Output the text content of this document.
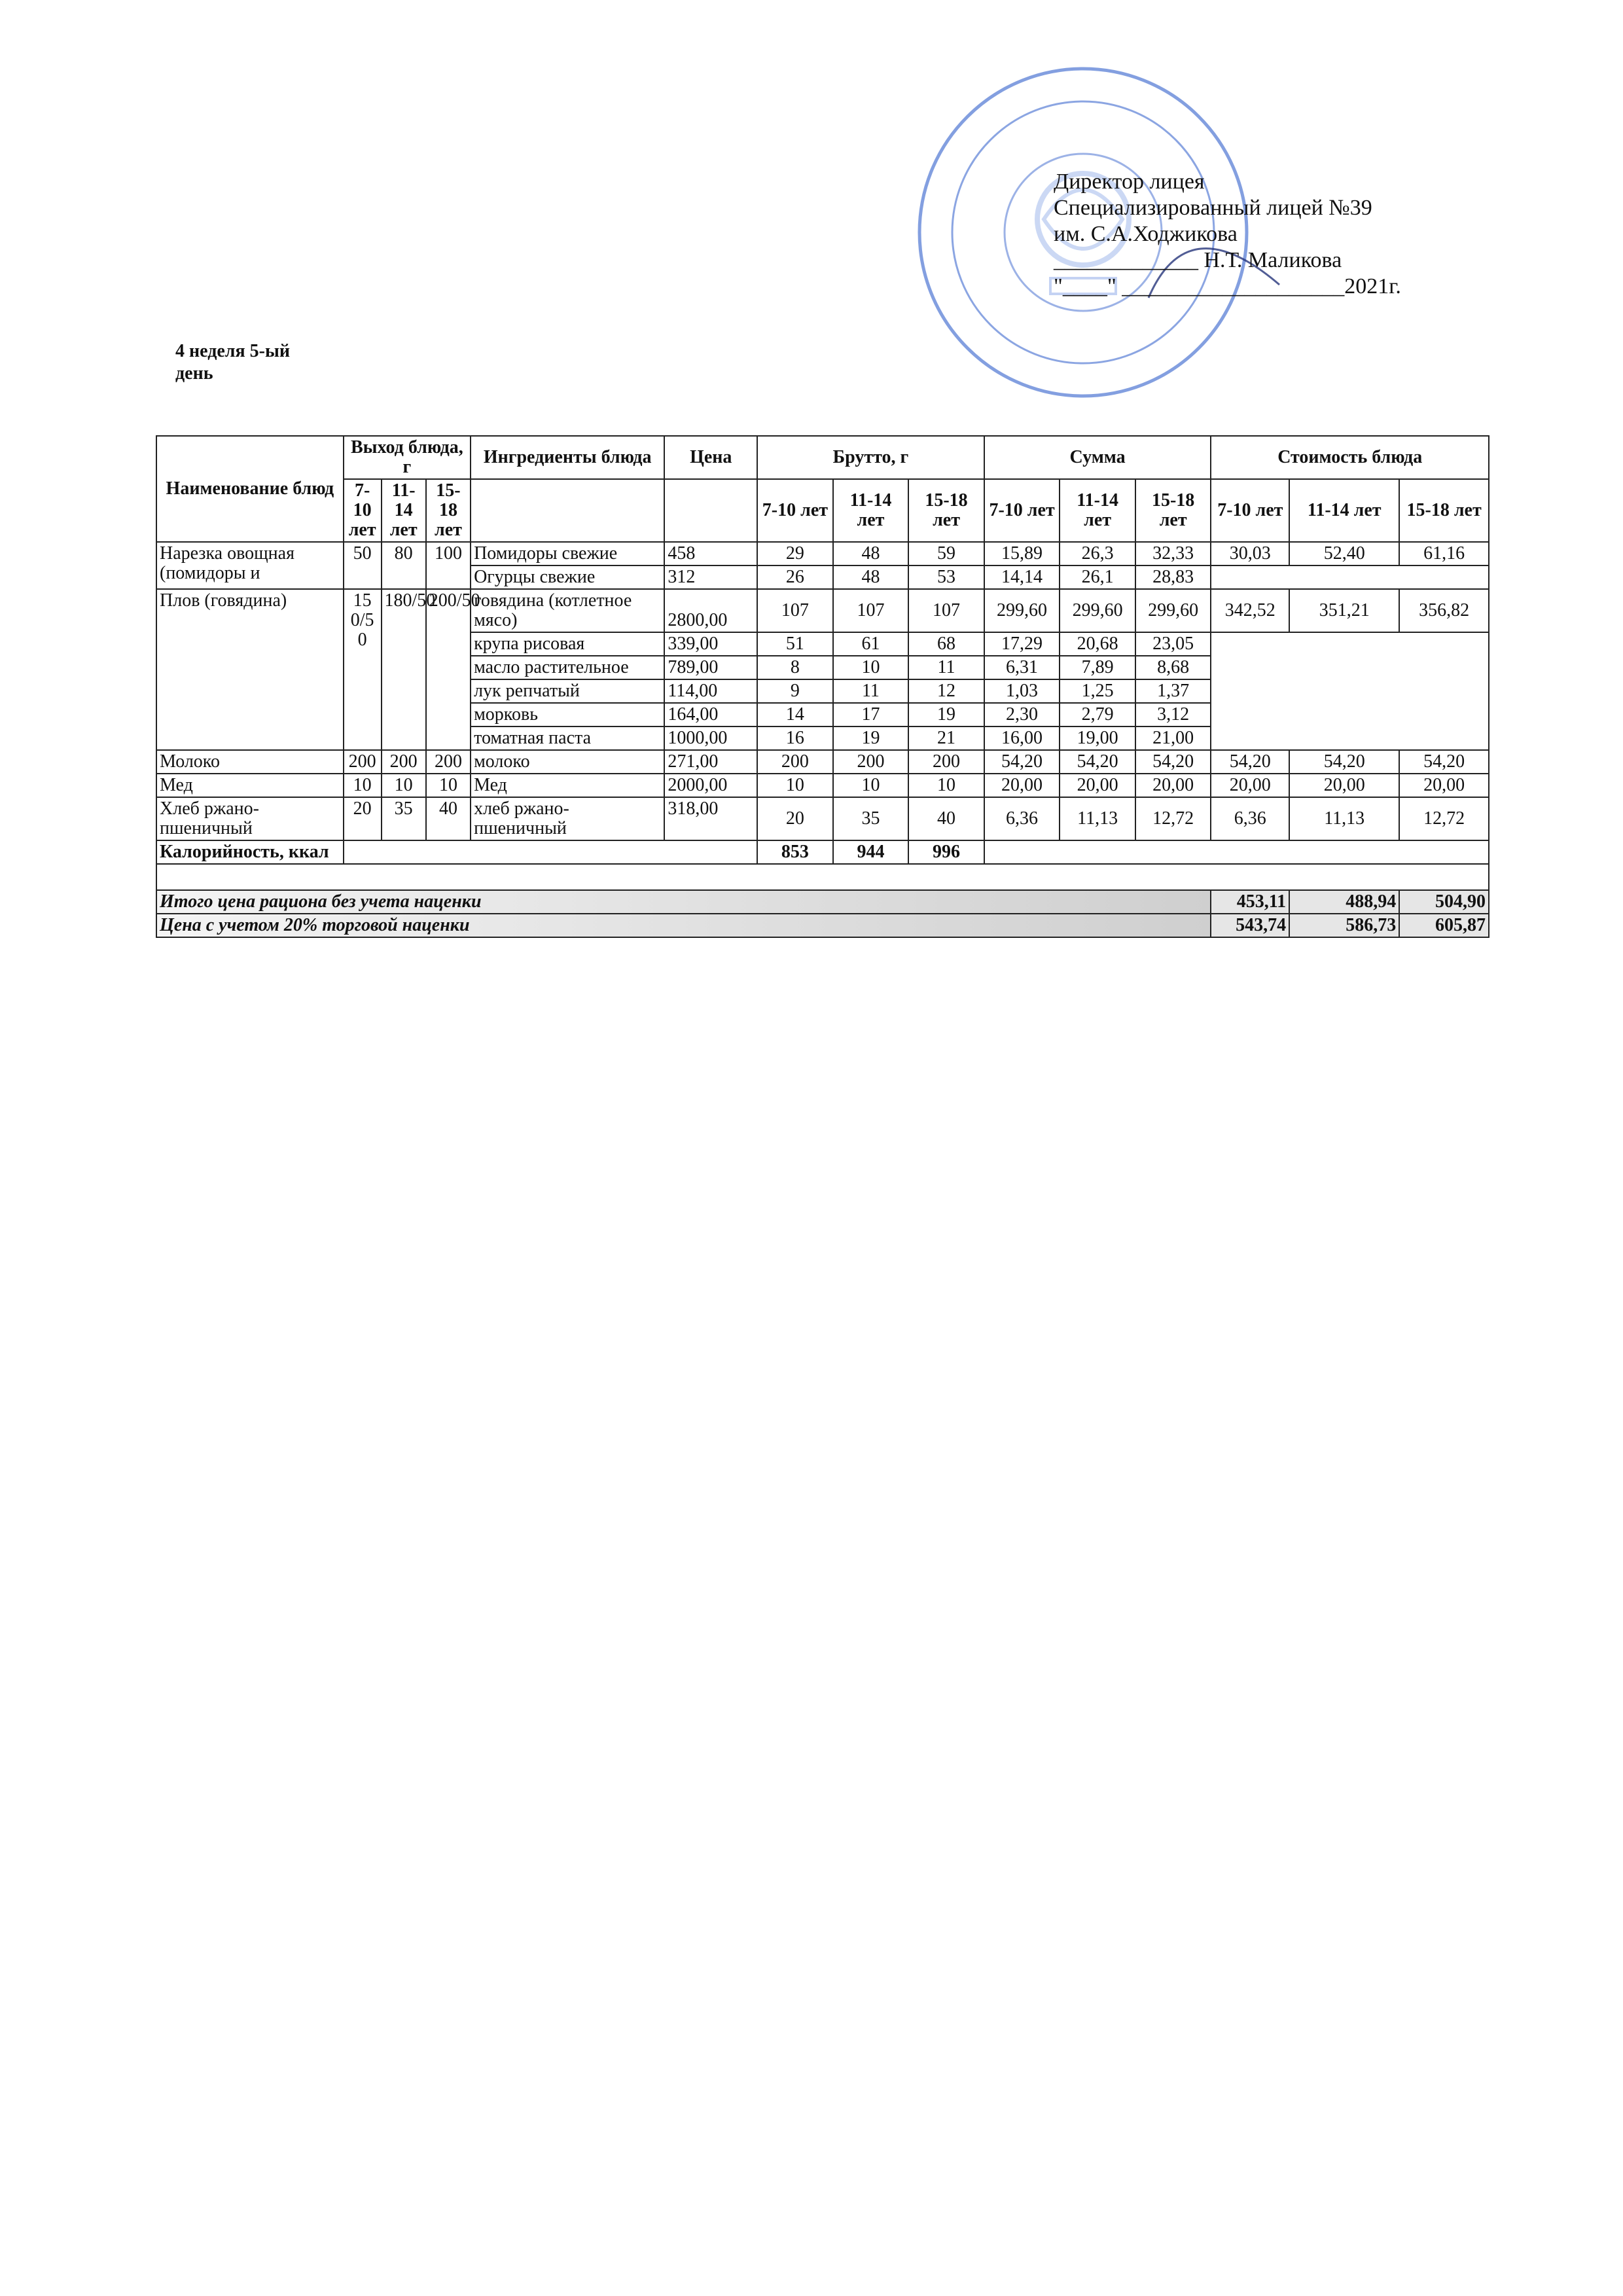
Директор лицея
Специализированный лицей №39
им. С.А.Ходжикова
_____________ Н.Т. Маликова
"____" ____________________2021г.
4 неделя 5-ый день
Наименование блюд	Выход блюда, г			Ингредиенты блюда	Цена	Брутто, г			Сумма			Стоимость блюда		
	7-10 лет	11-14 лет	15-18 лет			7-10 лет	11-14 лет	15-18 лет	7-10 лет	11-14 лет	15-18 лет	7-10 лет	11-14 лет	15-18 лет
Нарезка овощная (помидоры и	50	80	100	Помидоры свежие	458	29	48	59	15,89	26,3	32,33	30,03	52,40	61,16
				Огурцы свежие	312	26	48	53	14,14	26,1	28,83			
Плов (говядина)	150/50	180/50	200/50	говядина (котлетное мясо)	2800,00	107	107	107	299,60	299,60	299,60	342,52	351,21	356,82
				крупа рисовая	339,00	51	61	68	17,29	20,68	23,05			
				масло растительное	789,00	8	10	11	6,31	7,89	8,68			
				лук репчатый	114,00	9	11	12	1,03	1,25	1,37			
				морковь	164,00	14	17	19	2,30	2,79	3,12			
				томатная паста	1000,00	16	19	21	16,00	19,00	21,00			
Молоко	200	200	200	молоко	271,00	200	200	200	54,20	54,20	54,20	54,20	54,20	54,20
Мед	10	10	10	Мед	2000,00	10	10	10	20,00	20,00	20,00	20,00	20,00	20,00
Хлеб ржано-пшеничный	20	35	40	хлеб ржано-пшеничный	318,00	20	35	40	6,36	11,13	12,72	6,36	11,13	12,72
Калорийность, ккал						853	944	996						

Итого цена рациона без учета наценки												453,11	488,94	504,90
Цена с учетом 20% торговой наценки												543,74	586,73	605,87
